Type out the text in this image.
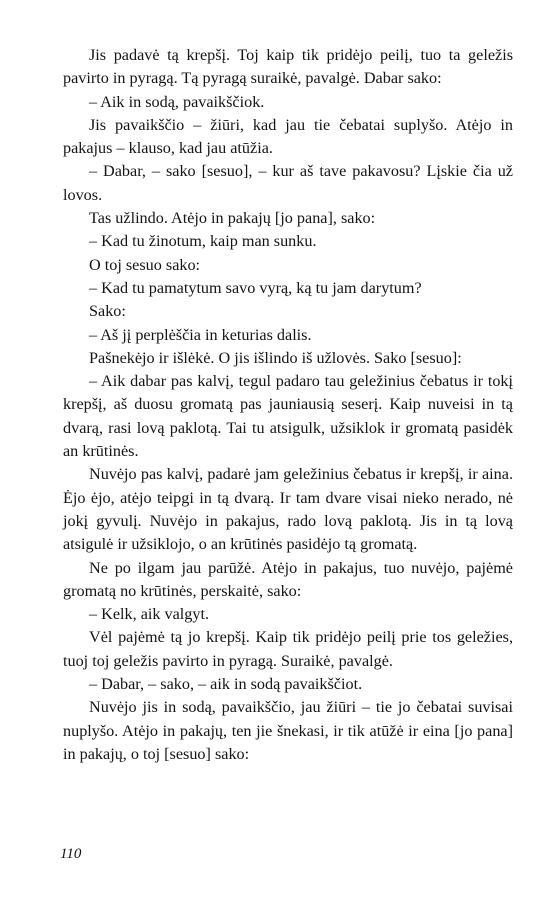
Jis padavė tą krepšį. Toj kaip tik pridėjo peilį, tuo ta geležis pavirto in pyragą. Tą pyragą suraikė, pavalgė. Dabar sako:

– Aik in sodą, pavaikščiok.

Jis pavaikščio – žiūri, kad jau tie čebatai suplyšo. Atėjo in pakajus – klauso, kad jau atūžia.

– Dabar, – sako [sesuo], – kur aš tave pakavosu? Lįskie čia už lovos.

Tas užlindo. Atėjo in pakajų [jo pana], sako:

– Kad tu žinotum, kaip man sunku.

O toj sesuo sako:

– Kad tu pamatytum savo vyrą, ką tu jam darytum?

Sako:

– Aš jį perplėščia in keturias dalis.

Pašnekėjo ir išlėkė. O jis išlindo iš užlovės. Sako [sesuo]:

– Aik dabar pas kalvį, tegul padaro tau geležinius čebatus ir tokį krepšį, aš duosu gromatą pas jauniausią seserį. Kaip nuveisi in tą dvarą, rasi lovą paklotą. Tai tu atsigulk, užsiklok ir gromatą pasidėk an krūtinės.

Nuvėjo pas kalvį, padarė jam geležinius čebatus ir krepšį, ir aina. Ėjo ėjo, atėjo teipgi in tą dvarą. Ir tam dvare visai nieko nerado, nė jokį gyvulį. Nuvėjo in pakajus, rado lovą paklotą. Jis in tą lovą atsigulė ir užsiklojo, o an krūtinės pasidėjo tą gromatą.

Ne po ilgam jau parūžė. Atėjo in pakajus, tuo nuvėjo, pajėmė gromatą no krūtinės, perskaitė, sako:

– Kelk, aik valgyt.

Vėl pajėmė tą jo krepšį. Kaip tik pridėjo peilį prie tos geležies, tuoj toj geležis pavirto in pyragą. Suraikė, pavalgė.

– Dabar, – sako, – aik in sodą pavaikščiot.

Nuvėjo jis in sodą, pavaikščio, jau žiūri – tie jo čebatai suvisai nuplyšo. Atėjo in pakajų, ten jie šnekasi, ir tik atūžė ir eina [jo pana] in pakajų, o toj [sesuo] sako:

110
